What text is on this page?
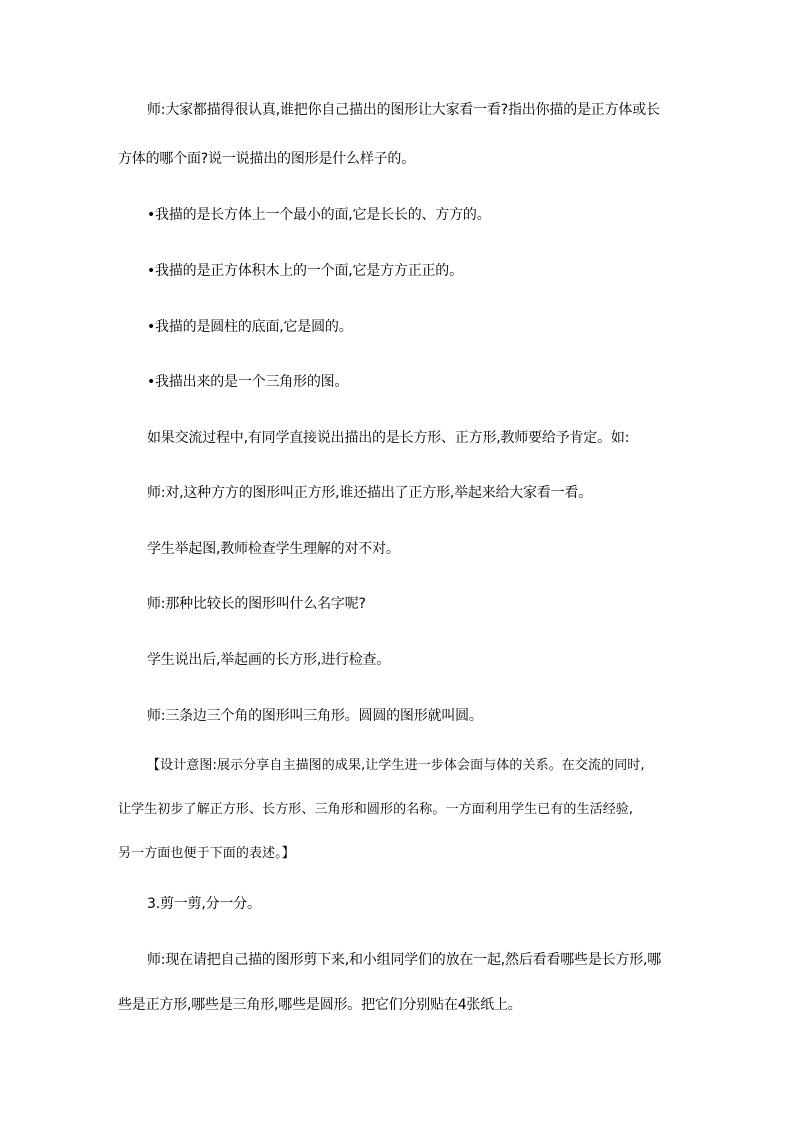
师:大家都描得很认真,谁把你自己描出的图形让大家看一看?指出你描的是正方体或长
方体的哪个面?说一说描出的图形是什么样子的。
•我描的是长方体上一个最小的面,它是长长的、方方的。
•我描的是正方体积木上的一个面,它是方方正正的。
•我描的是圆柱的底面,它是圆的。
•我描出来的是一个三角形的图。
如果交流过程中,有同学直接说出描出的是长方形、正方形,教师要给予肯定。如:
师:对,这种方方的图形叫正方形,谁还描出了正方形,举起来给大家看一看。
学生举起图,教师检查学生理解的对不对。
师:那种比较长的图形叫什么名字呢?
学生说出后,举起画的长方形,进行检查。
师:三条边三个角的图形叫三角形。圆圆的图形就叫圆。
【设计意图:展示分享自主描图的成果,让学生进一步体会面与体的关系。在交流的同时,
让学生初步了解正方形、长方形、三角形和圆形的名称。一方面利用学生已有的生活经验,
另一方面也便于下面的表述。】
3.剪一剪,分一分。
师:现在请把自己描的图形剪下来,和小组同学们的放在一起,然后看看哪些是长方形,哪
些是正方形,哪些是三角形,哪些是圆形。把它们分别贴在4张纸上。
